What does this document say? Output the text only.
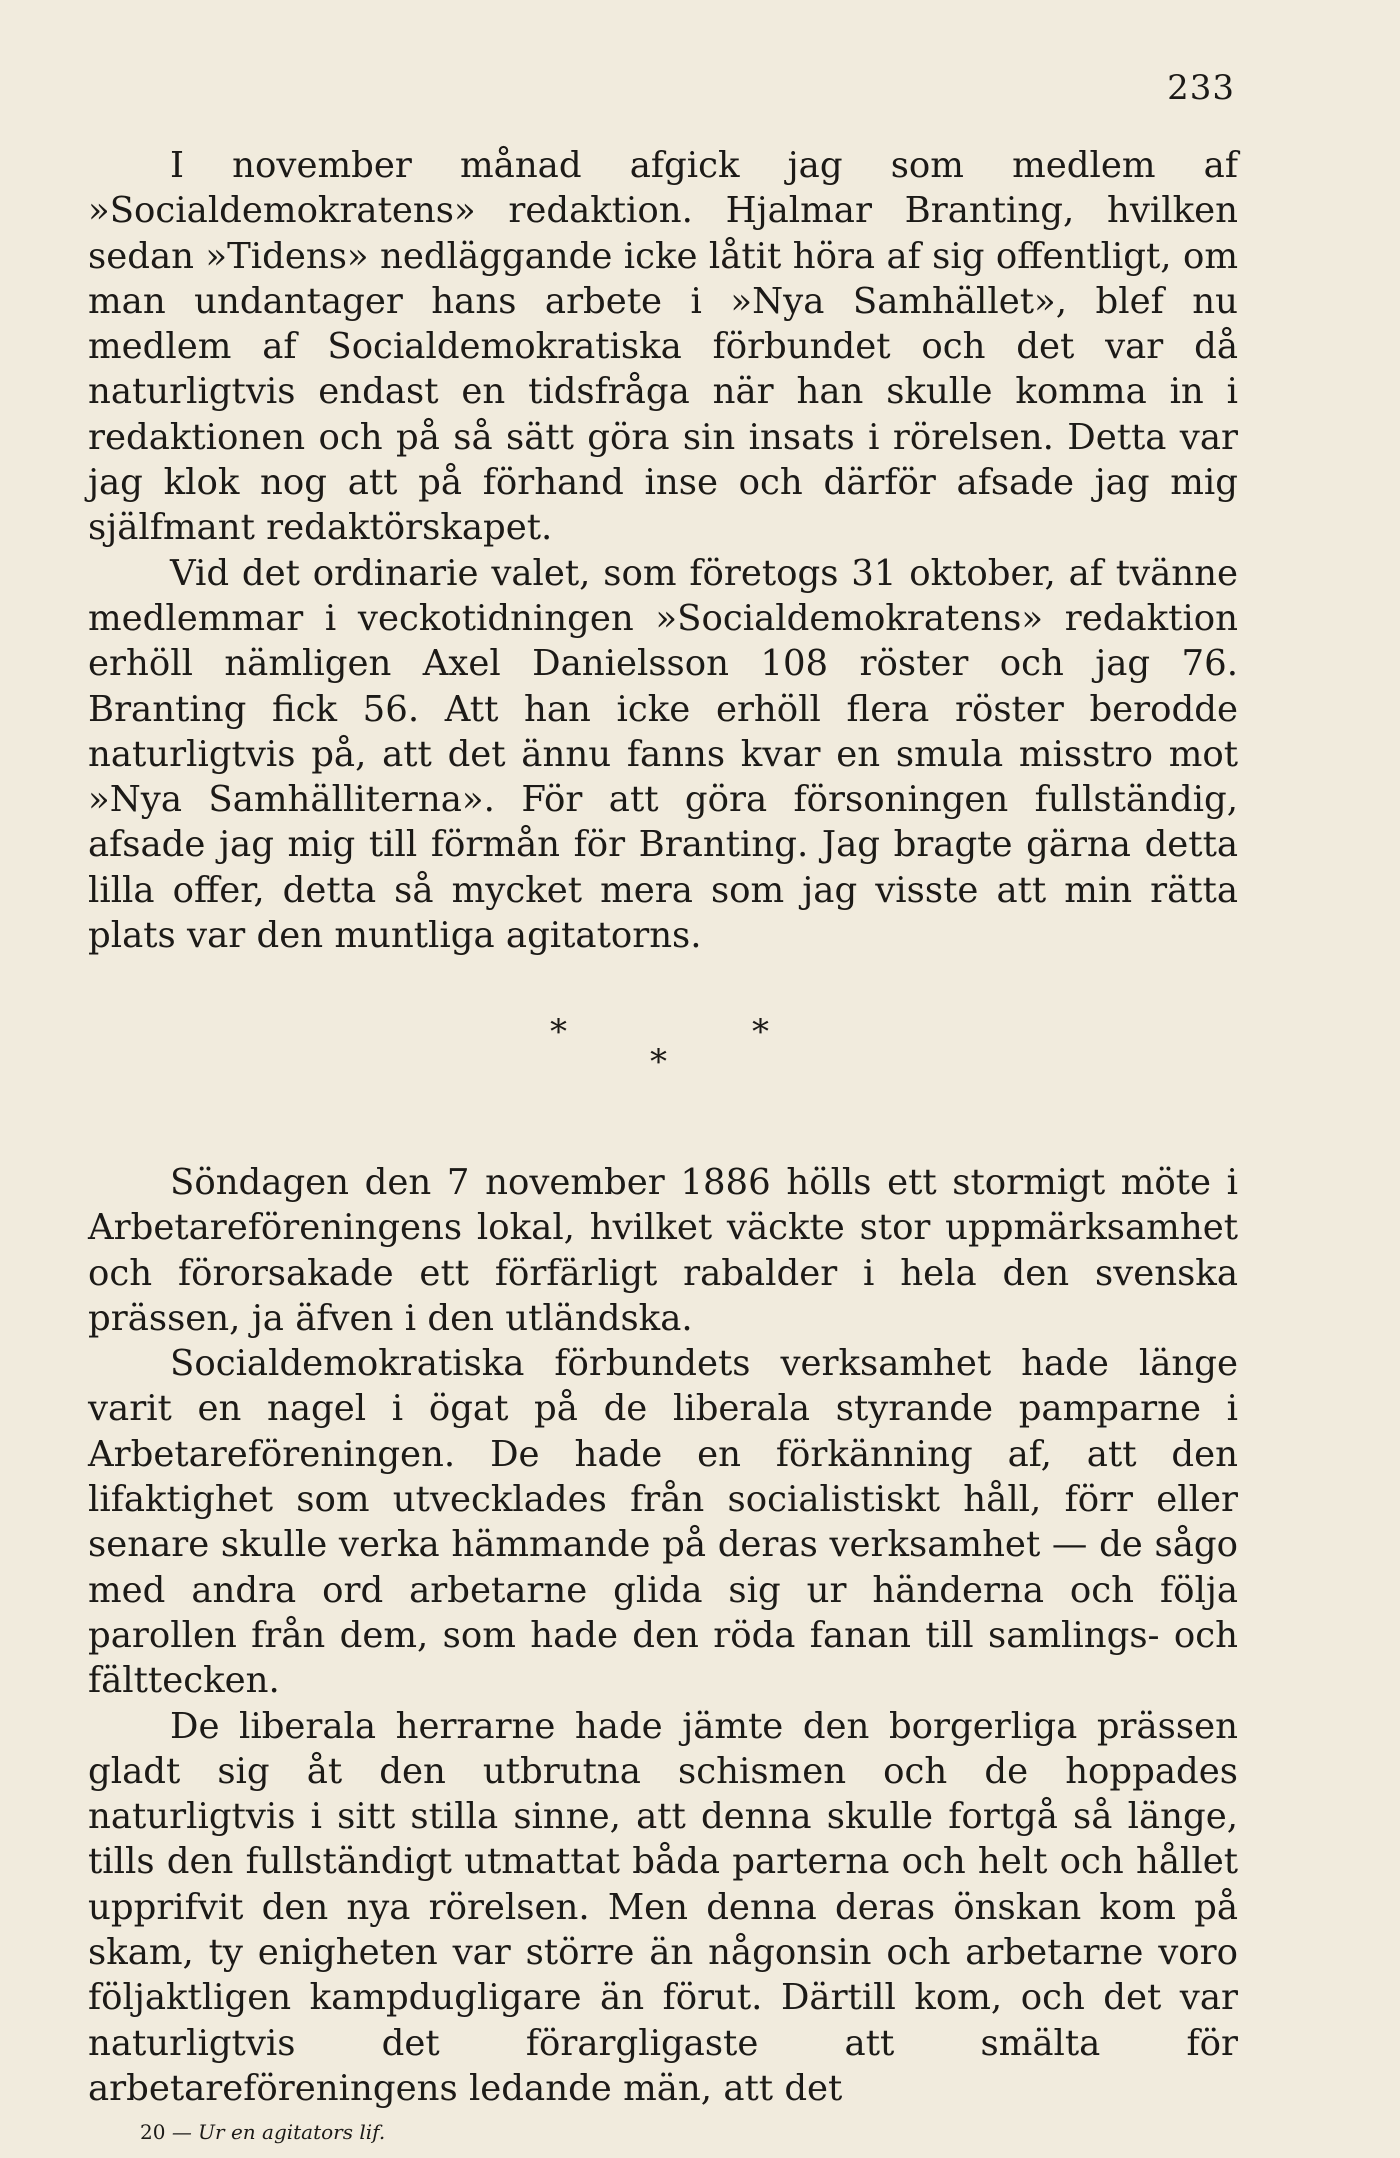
233

I november månad afgick jag som medlem af »Socialdemokratens» redaktion. Hjalmar Branting, hvilken sedan »Tidens» nedläggande icke låtit höra af sig offentligt, om man undantager hans arbete i »Nya Samhället», blef nu medlem af Socialdemokratiska förbundet och det var då naturligtvis endast en tidsfråga när han skulle komma in i redaktionen och på så sätt göra sin insats i rörelsen. Detta var jag klok nog att på förhand inse och därför afsade jag mig själfmant redaktörskapet.

Vid det ordinarie valet, som företogs 31 oktober, af tvänne medlemmar i veckotidningen »Socialdemokratens» redaktion erhöll nämligen Axel Danielsson 108 röster och jag 76. Branting fick 56. Att han icke erhöll flera röster berodde naturligtvis på, att det ännu fanns kvar en smula misstro mot »Nya Samhälliterna». För att göra försoningen fullständig, afsade jag mig till förmån för Branting. Jag bragte gärna detta lilla offer, detta så mycket mera som jag visste att min rätta plats var den muntliga agitatorns.

*	*
*

Söndagen den 7 november 1886 hölls ett stormigt möte i Arbetareföreningens lokal, hvilket väckte stor uppmärksamhet och förorsakade ett förfärligt rabalder i hela den svenska prässen, ja äfven i den utländska.

Socialdemokratiska förbundets verksamhet hade länge varit en nagel i ögat på de liberala styrande pamparne i Arbetareföreningen. De hade en förkänning af, att den lifaktighet som utvecklades från socialistiskt håll, förr eller senare skulle verka hämmande på deras verksamhet — de sågo med andra ord arbetarne glida sig ur händerna och följa parollen från dem, som hade den röda fanan till samlings- och fälttecken.

De liberala herrarne hade jämte den borgerliga prässen gladt sig åt den utbrutna schismen och de hoppades naturligtvis i sitt stilla sinne, att denna skulle fortgå så länge, tills den fullständigt utmattat båda parterna och helt och hållet upprifvit den nya rörelsen. Men denna deras önskan kom på skam, ty enigheten var större än någonsin och arbetarne voro följaktligen kampdugligare än förut. Därtill kom, och det var naturligtvis det förargligaste att smälta för arbetareföreningens ledande män, att det

20 — Ur en agitators lif.
